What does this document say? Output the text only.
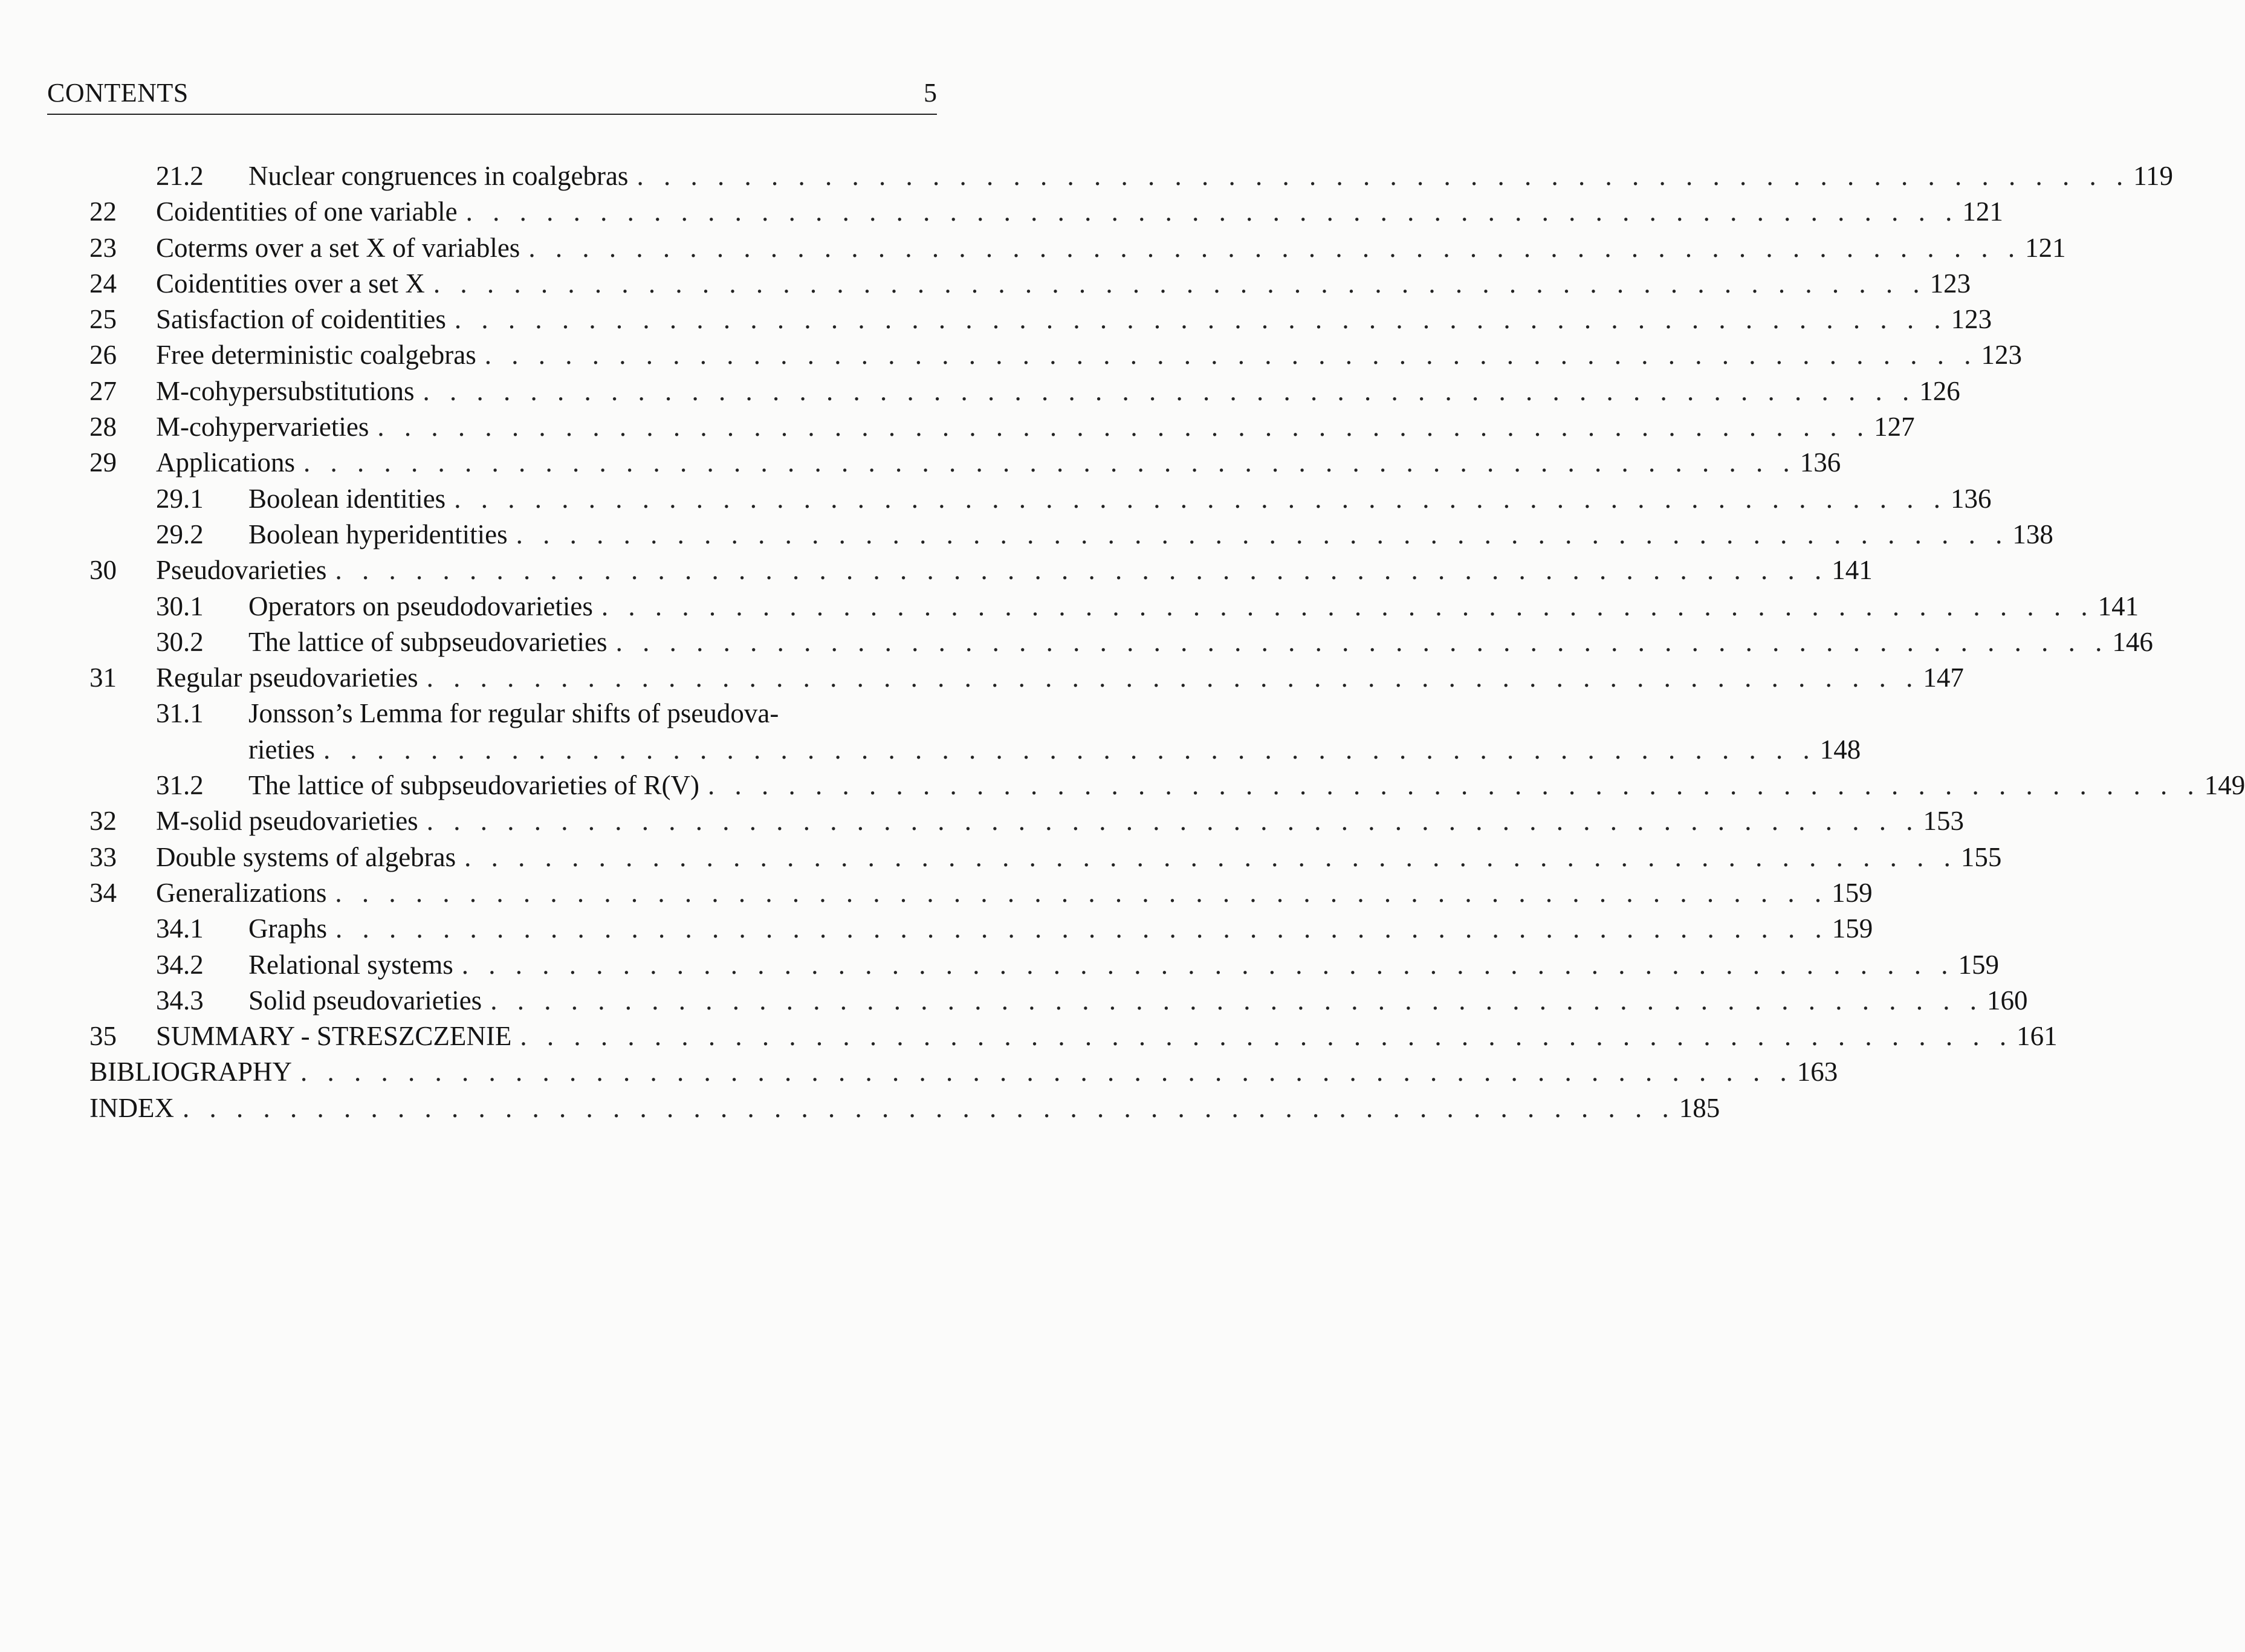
CONTENTS	5
21.2 Nuclear congruences in coalgebras . . . . . . . . . . . . . . . . . . . . . . . . . . . . . . . . . . . . . . . . . . . . . . . . . . . . . . . . 119
22 Coidentities of one variable . . . . . . . . . . . . . . . . . . . . . . . . . . . . . . . . . . . . . . . . . . . . . . . . . . . . . . . . 121
23 Coterms over a set X of variables . . . . . . . . . . . . . . . . . . . . . . . . . . . . . . . . . . . . . . . . . . . . . . . . . . . . . . . . 121
24 Coidentities over a set X . . . . . . . . . . . . . . . . . . . . . . . . . . . . . . . . . . . . . . . . . . . . . . . . . . . . . . . . 123
25 Satisfaction of coidentities . . . . . . . . . . . . . . . . . . . . . . . . . . . . . . . . . . . . . . . . . . . . . . . . . . . . . . . . 123
26 Free deterministic coalgebras . . . . . . . . . . . . . . . . . . . . . . . . . . . . . . . . . . . . . . . . . . . . . . . . . . . . . . . . 123
27 M-cohypersubstitutions . . . . . . . . . . . . . . . . . . . . . . . . . . . . . . . . . . . . . . . . . . . . . . . . . . . . . . . . 126
28 M-cohypervarieties . . . . . . . . . . . . . . . . . . . . . . . . . . . . . . . . . . . . . . . . . . . . . . . . . . . . . . . . 127
29 Applications . . . . . . . . . . . . . . . . . . . . . . . . . . . . . . . . . . . . . . . . . . . . . . . . . . . . . . . . 136
29.1 Boolean identities . . . . . . . . . . . . . . . . . . . . . . . . . . . . . . . . . . . . . . . . . . . . . . . . . . . . . . . . 136
29.2 Boolean hyperidentities . . . . . . . . . . . . . . . . . . . . . . . . . . . . . . . . . . . . . . . . . . . . . . . . . . . . . . . . 138
30 Pseudovarieties . . . . . . . . . . . . . . . . . . . . . . . . . . . . . . . . . . . . . . . . . . . . . . . . . . . . . . . . 141
30.1 Operators on pseudodovarieties . . . . . . . . . . . . . . . . . . . . . . . . . . . . . . . . . . . . . . . . . . . . . . . . . . . . . . . . 141
30.2 The lattice of subpseudovarieties . . . . . . . . . . . . . . . . . . . . . . . . . . . . . . . . . . . . . . . . . . . . . . . . . . . . . . . . 146
31 Regular pseudovarieties . . . . . . . . . . . . . . . . . . . . . . . . . . . . . . . . . . . . . . . . . . . . . . . . . . . . . . . . 147
31.1 Jonsson’s Lemma for regular shifts of pseudova-
rieties . . . . . . . . . . . . . . . . . . . . . . . . . . . . . . . . . . . . . . . . . . . . . . . . . . . . . . . . 148
31.2 The lattice of subpseudovarieties of R(V) . . . . . . . . . . . . . . . . . . . . . . . . . . . . . . . . . . . . . . . . . . . . . . . . . . . . . . . . 149
32 M-solid pseudovarieties . . . . . . . . . . . . . . . . . . . . . . . . . . . . . . . . . . . . . . . . . . . . . . . . . . . . . . . . 153
33 Double systems of algebras . . . . . . . . . . . . . . . . . . . . . . . . . . . . . . . . . . . . . . . . . . . . . . . . . . . . . . . . 155
34 Generalizations . . . . . . . . . . . . . . . . . . . . . . . . . . . . . . . . . . . . . . . . . . . . . . . . . . . . . . . . 159
34.1 Graphs . . . . . . . . . . . . . . . . . . . . . . . . . . . . . . . . . . . . . . . . . . . . . . . . . . . . . . . . 159
34.2 Relational systems . . . . . . . . . . . . . . . . . . . . . . . . . . . . . . . . . . . . . . . . . . . . . . . . . . . . . . . . 159
34.3 Solid pseudovarieties . . . . . . . . . . . . . . . . . . . . . . . . . . . . . . . . . . . . . . . . . . . . . . . . . . . . . . . . 160
35 SUMMARY - STRESZCZENIE . . . . . . . . . . . . . . . . . . . . . . . . . . . . . . . . . . . . . . . . . . . . . . . . . . . . . . . . 161
BIBLIOGRAPHY . . . . . . . . . . . . . . . . . . . . . . . . . . . . . . . . . . . . . . . . . . . . . . . . . . . . . . . . 163
INDEX . . . . . . . . . . . . . . . . . . . . . . . . . . . . . . . . . . . . . . . . . . . . . . . . . . . . . . . . 185
